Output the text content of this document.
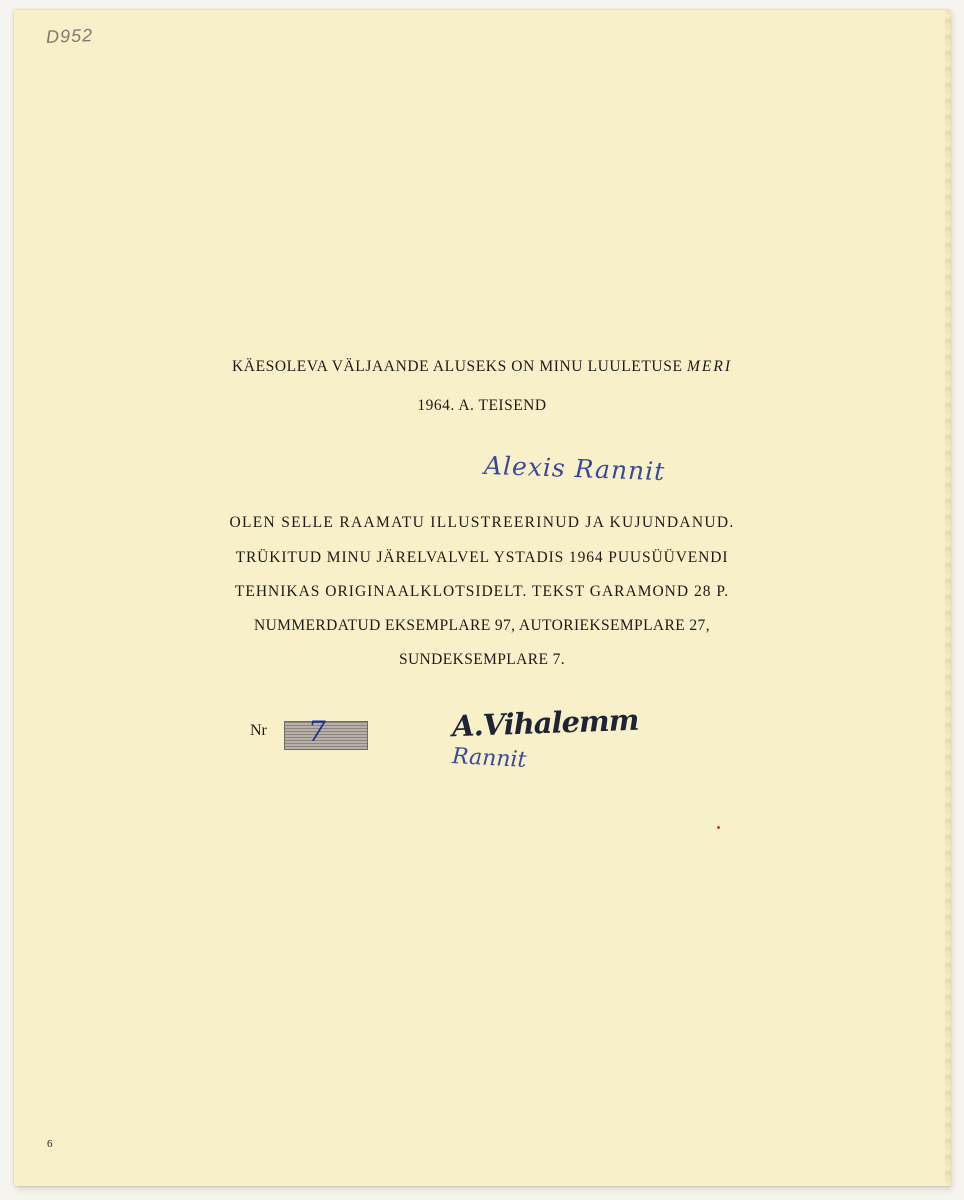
D952
KÄESOLEVA VÄLJAANDE ALUSEKS ON MINU LUULETUSE MERI
1964. A. TEISEND
Alexis Rannit
OLEN SELLE RAAMATU ILLUSTREERINUD JA KUJUNDANUD.
TRÜKITUD MINU JÄRELVALVEL YSTADIS 1964 PUUSÜÜVENDI
TEHNIKAS ORIGINAALKLOTSIDELT. TEKST GARAMOND 28 P.
NUMMERDATUD EKSEMPLARE 97, AUTORIEKSEMPLARE 27,
SUNDEKSEMPLARE 7.
Nr 7	A.Vihalemm
Rannit
6
